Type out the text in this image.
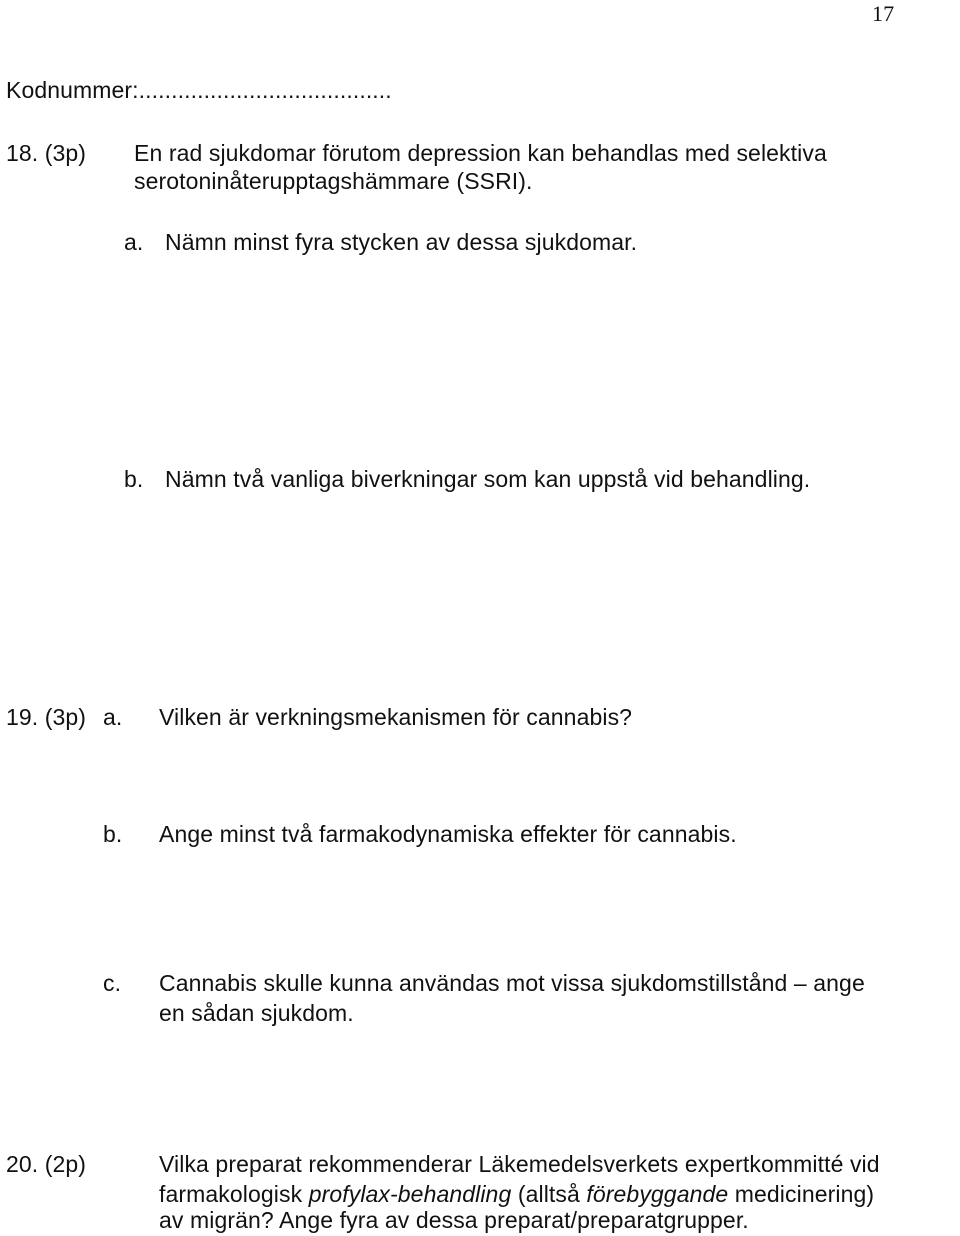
17
Kodnummer:.......................................
18. (3p) En rad sjukdomar förutom depression kan behandlas med selektiva
serotoninåterupptagshämmare (SSRI).
a. Nämn minst fyra stycken av dessa sjukdomar.
b. Nämn två vanliga biverkningar som kan uppstå vid behandling.
19. (3p) a. Vilken är verkningsmekanismen för cannabis?
b. Ange minst två farmakodynamiska effekter för cannabis.
c. Cannabis skulle kunna användas mot vissa sjukdomstillstånd – ange
en sådan sjukdom.
20. (2p)	Vilka preparat rekommenderar Läkemedelsverkets expertkommitté vid
farmakologisk profylax-behandling (alltså förebyggande medicinering)
av migrän? Ange fyra av dessa preparat/preparatgrupper.
